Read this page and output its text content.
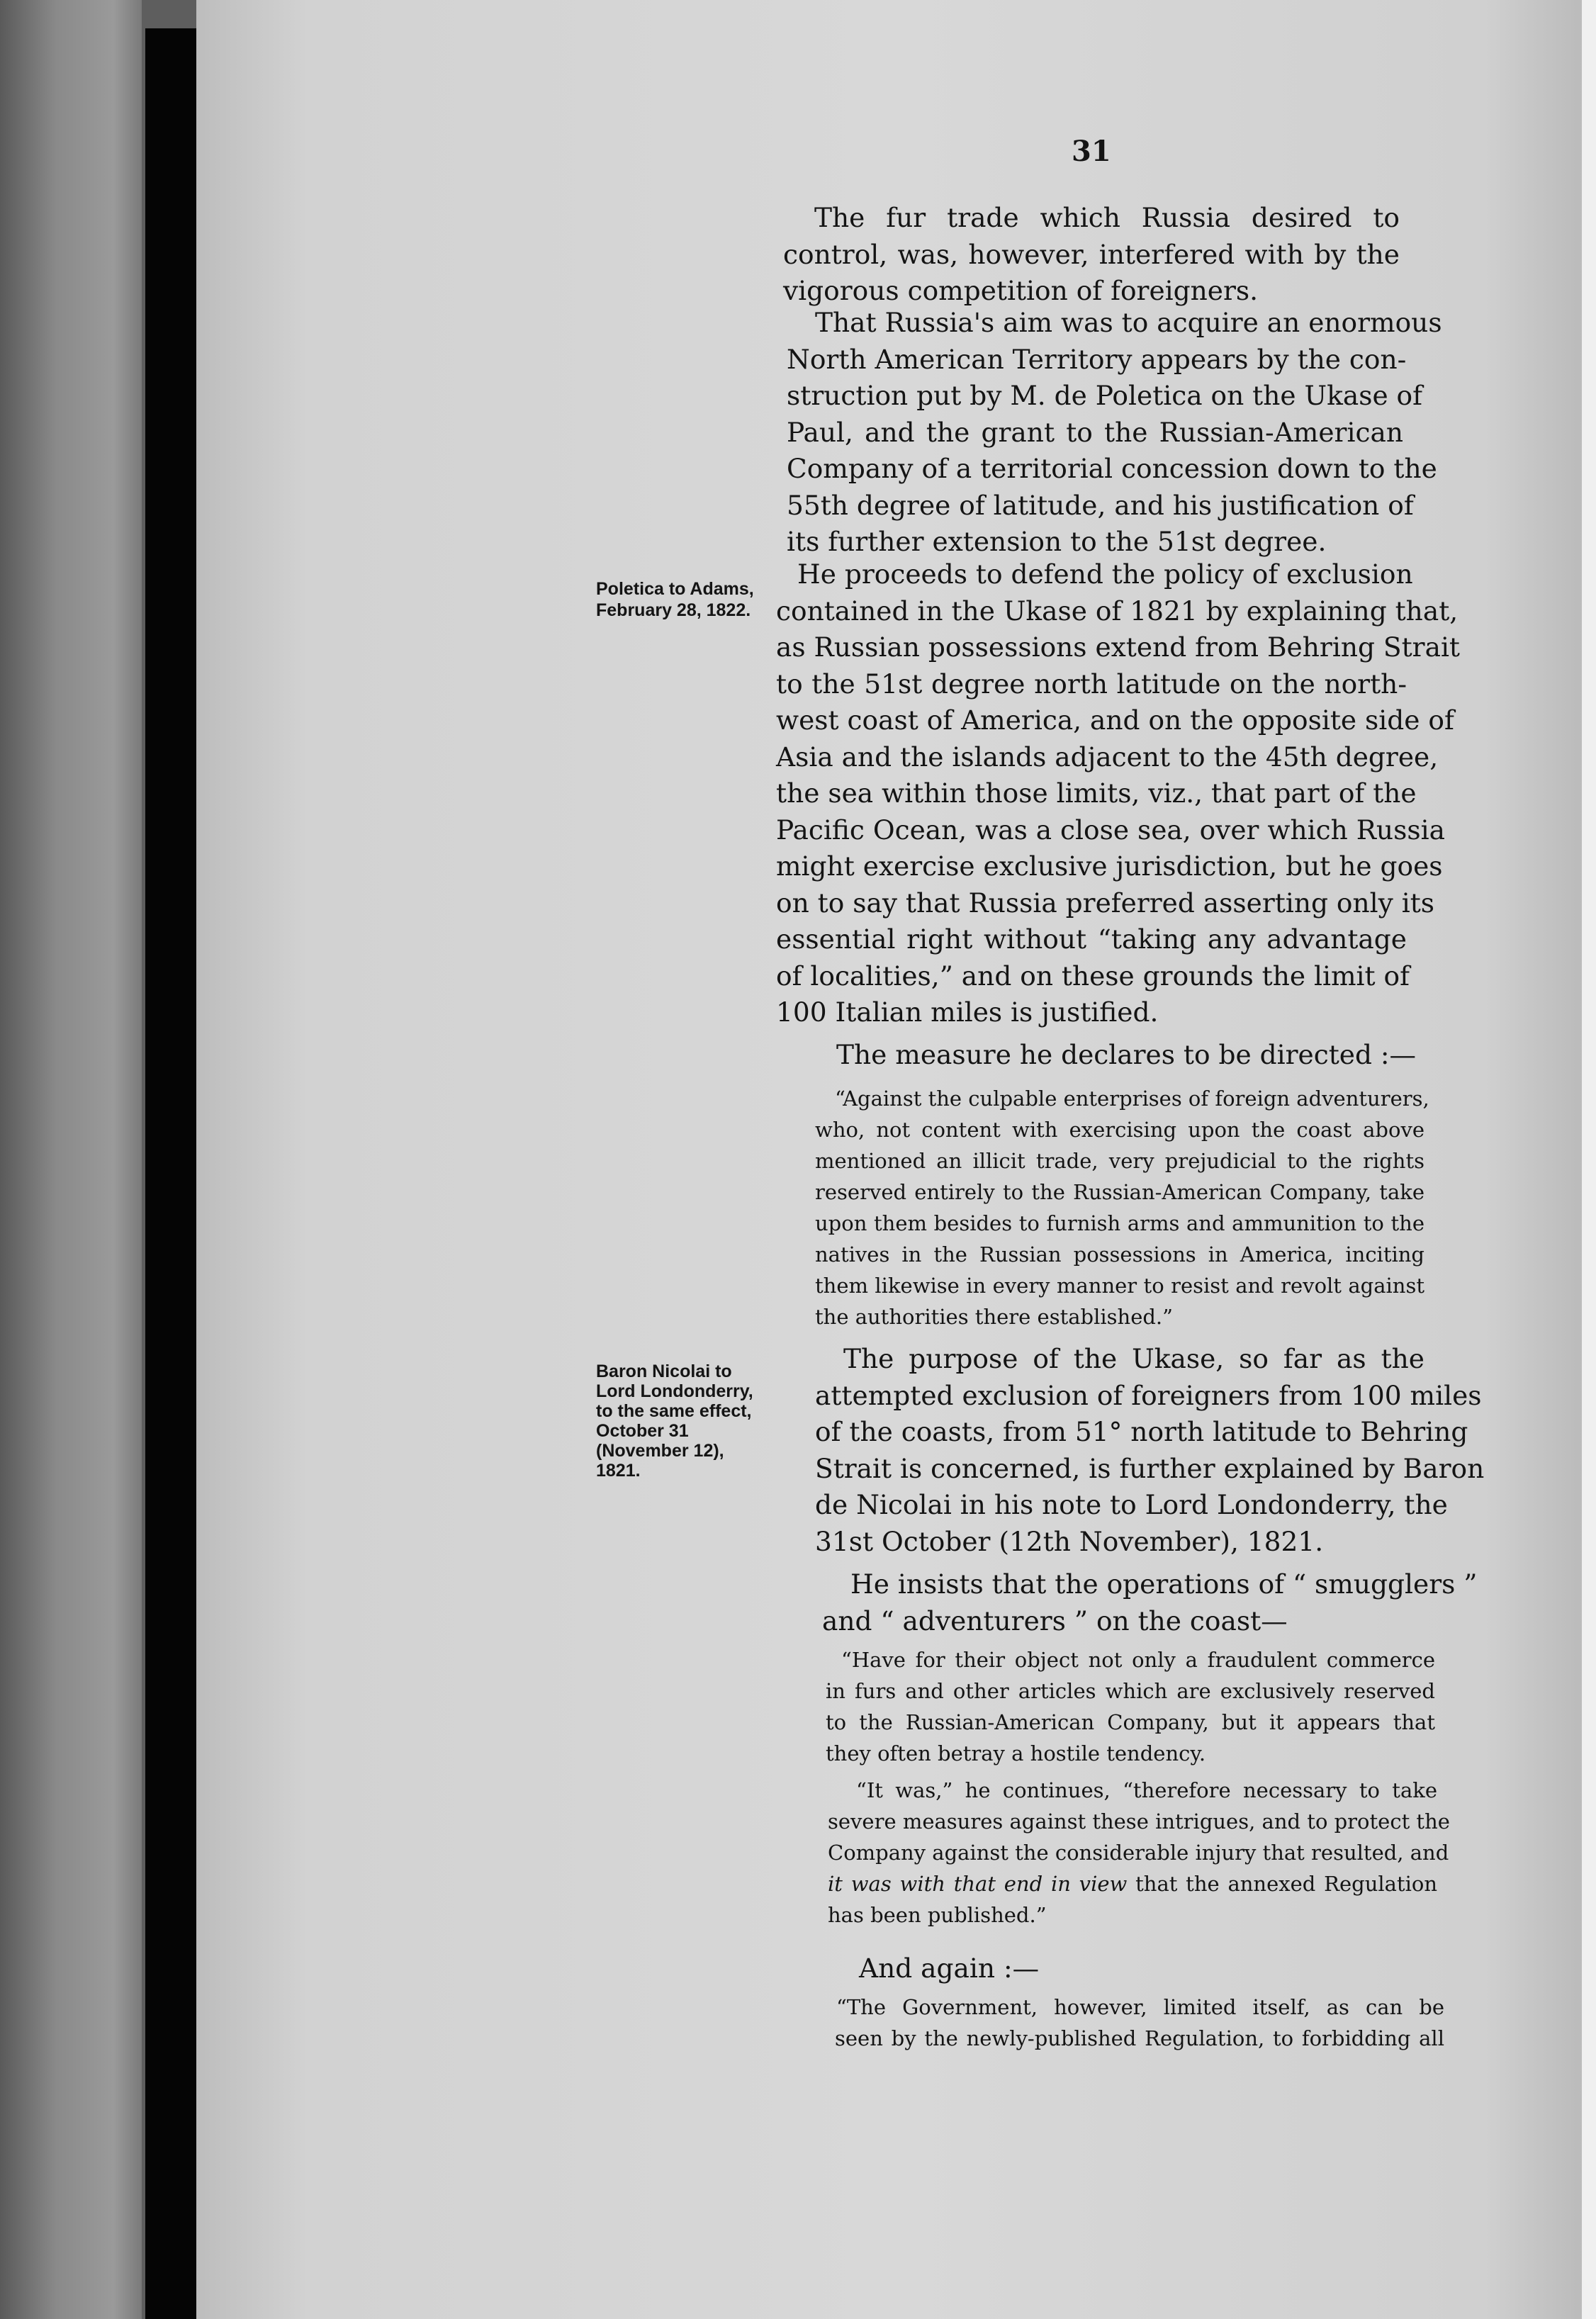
31
Poletica to Adams,
February 28, 1822.
Baron Nicolai to
Lord Londonderry,
to the same effect,
October 31
(November 12),
1821.
The fur trade which Russia desired to
control, was, however, interfered with by the
vigorous competition of foreigners.
That Russia's aim was to acquire an enormous
North American Territory appears by the con-
struction put by M. de Poletica on the Ukase of
Paul, and the grant to the Russian-American
Company of a territorial concession down to the
55th degree of latitude, and his justification of
its further extension to the 51st degree.
He proceeds to defend the policy of exclusion
contained in the Ukase of 1821 by explaining that,
as Russian possessions extend from Behring Strait
to the 51st degree north latitude on the north-
west coast of America, and on the opposite side of
Asia and the islands adjacent to the 45th degree,
the sea within those limits, viz., that part of the
Pacific Ocean, was a close sea, over which Russia
might exercise exclusive jurisdiction, but he goes
on to say that Russia preferred asserting only its
essential right without “taking any advantage
of localities,” and on these grounds the limit of
100 Italian miles is justified.
The measure he declares to be directed :—
“Against the culpable enterprises of foreign adventurers,
who, not content with exercising upon the coast above
mentioned an illicit trade, very prejudicial to the rights
reserved entirely to the Russian-American Company, take
upon them besides to furnish arms and ammunition to the
natives in the Russian possessions in America, inciting
them likewise in every manner to resist and revolt against
the authorities there established.”
The purpose of the Ukase, so far as the
attempted exclusion of foreigners from 100 miles
of the coasts, from 51° north latitude to Behring
Strait is concerned, is further explained by Baron
de Nicolai in his note to Lord Londonderry, the
31st October (12th November), 1821.
He insists that the operations of “ smugglers ”
and “ adventurers ” on the coast—
“Have for their object not only a fraudulent commerce
in furs and other articles which are exclusively reserved
to the Russian-American Company, but it appears that
they often betray a hostile tendency.
“It was,” he continues, “therefore necessary to take
severe measures against these intrigues, and to protect the
Company against the considerable injury that resulted, and
it was with that end in view that the annexed Regulation
has been published.”
And again :—
“The Government, however, limited itself, as can be
seen by the newly-published Regulation, to forbidding all
